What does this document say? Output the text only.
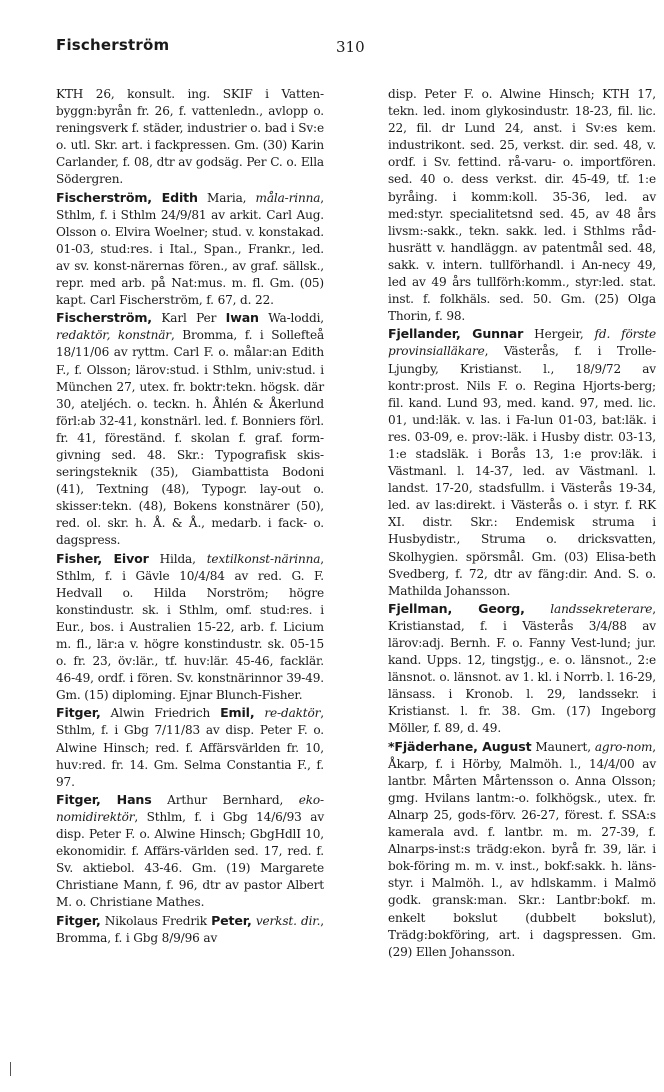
Fischerström	310

KTH 26, konsult. ing. SKIF i Vatten-byggn:byrån fr. 26, f. vattenledn., avlopp o. reningsverk f. städer, industrier o. bad i Sv:e o. utl. Skr. art. i fackpressen. Gm. (30) Karin Carlander, f. 08, dtr av godsäg. Per C. o. Ella Södergren.

Fischerström, Edith Maria, måla-rinna, Sthlm, f. i Sthlm 24/9/81 av arkit. Carl Aug. Olsson o. Elvira Woelner; stud. v. konstakad. 01-03, stud:res. i Ital., Span., Frankr., led. av sv. konst-närernas fören., av graf. sällsk., repr. med arb. på Nat:mus. m. fl. Gm. (05) kapt. Carl Fischerström, f. 67, d. 22.

Fischerström, Karl Per Iwan Wa-loddi, redaktör, konstnär, Bromma, f. i Sollefteå 18/11/06 av ryttm. Carl F. o. målar:an Edith F., f. Olsson; lärov:stud. i Sthlm, univ:stud. i München 27, utex. fr. boktr:tekn. högsk. där 30, ateljéch. o. teckn. h. Åhlén & Åkerlund förl:ab 32-41, konstnärl. led. f. Bonniers förl. fr. 41, föreständ. f. skolan f. graf. form-givning sed. 48. Skr.: Typografisk skis-seringsteknik (35), Giambattista Bodoni (41), Textning (48), Typogr. lay-out o. skisser:tekn. (48), Bokens konstnärer (50), red. ol. skr. h. Å. & Å., medarb. i fack- o. dagspress.

Fisher, Eivor Hilda, textilkonst-närinna, Sthlm, f. i Gävle 10/4/84 av red. G. F. Hedvall o. Hilda Norström; högre konstindustr. sk. i Sthlm, omf. stud:res. i Eur., bos. i Australien 15-22, arb. f. Licium m. fl., lär:a v. högre konstindustr. sk. 05-15 o. fr. 23, öv:lär., tf. huv:lär. 45-46, facklär. 46-49, ordf. i fören. Sv. konstnärinnor 39-49. Gm. (15) diploming. Ejnar Blunch-Fisher.

Fitger, Alwin Friedrich Emil, re-daktör, Sthlm, f. i Gbg 7/11/83 av disp. Peter F. o. Alwine Hinsch; red. f. Affärsvärlden fr. 10, huv:red. fr. 14. Gm. Selma Constantia F., f. 97.

Fitger, Hans Arthur Bernhard, eko-nomidirektör, Sthlm, f. i Gbg 14/6/93 av disp. Peter F. o. Alwine Hinsch; GbgHdlI 10, ekonomidir. f. Affärs-världen sed. 17, red. f. Sv. aktiebol. 43-46. Gm. (19) Margarete Christiane Mann, f. 96, dtr av pastor Albert M. o. Christiane Mathes.

Fitger, Nikolaus Fredrik Peter, verkst. dir., Bromma, f. i Gbg 8/9/96 av

disp. Peter F. o. Alwine Hinsch; KTH 17, tekn. led. inom glykosindustr. 18-23, fil. lic. 22, fil. dr Lund 24, anst. i Sv:es kem. industrikont. sed. 25, verkst. dir. sed. 48, v. ordf. i Sv. fettind. rå-varu- o. importfören. sed. 40 o. dess verkst. dir. 45-49, tf. 1:e byråing. i komm:koll. 35-36, led. av med:styr. specialitetsnd sed. 45, av 48 års livsm:-sakk., tekn. sakk. led. i Sthlms råd-husrätt v. handläggn. av patentmål sed. 48, sakk. v. intern. tullförhandl. i An-necy 49, led av 49 års tullförh:komm., styr:led. stat. inst. f. folkhäls. sed. 50. Gm. (25) Olga Thorin, f. 98.

Fjellander, Gunnar Hergeir, fd. förste provinsialläkare, Västerås, f. i Trolle-Ljungby, Kristianst. l., 18/9/72 av kontr:prost. Nils F. o. Regina Hjorts-berg; fil. kand. Lund 93, med. kand. 97, med. lic. 01, und:läk. v. las. i Fa-lun 01-03, bat:läk. i res. 03-09, e. prov:-läk. i Husby distr. 03-13, 1:e stadsläk. i Borås 13, 1:e prov:läk. i Västmanl. l. 14-37, led. av Västmanl. l. landst. 17-20, stadsfullm. i Västerås 19-34, led. av las:direkt. i Västerås o. i styr. f. RK XI. distr. Skr.: Endemisk struma i Husbydistr., Struma o. dricksvatten, Skolhygien. spörsmål. Gm. (03) Elisa-beth Svedberg, f. 72, dtr av fäng:dir. And. S. o. Mathilda Johansson.

Fjellman, Georg, landssekreterare, Kristianstad, f. i Västerås 3/4/88 av lärov:adj. Bernh. F. o. Fanny Vest-lund; jur. kand. Upps. 12, tingstjg., e. o. länsnot., 2:e länsnot. o. länsnot. av 1. kl. i Norrb. l. 16-29, länsass. i Kronob. l. 29, landssekr. i Kristianst. l. fr. 38. Gm. (17) Ingeborg Möller, f. 89, d. 49.

*Fjäderhane, August Maunert, agro-nom, Åkarp, f. i Hörby, Malmöh. l., 14/4/00 av lantbr. Mårten Mårtensson o. Anna Olsson; gmg. Hvilans lantm:-o. folkhögsk., utex. fr. Alnarp 25, gods-förv. 26-27, förest. f. SSA:s kamerala avd. f. lantbr. m. m. 27-39, f. Alnarps-inst:s trädg:ekon. byrå fr. 39, lär. i bok-föring m. m. v. inst., bokf:sakk. h. läns-styr. i Malmöh. l., av hdlskamm. i Malmö godk. gransk:man. Skr.: Lantbr:bokf. m. enkelt bokslut (dubbelt bokslut), Trädg:bokföring, art. i dagspressen. Gm. (29) Ellen Johansson.
